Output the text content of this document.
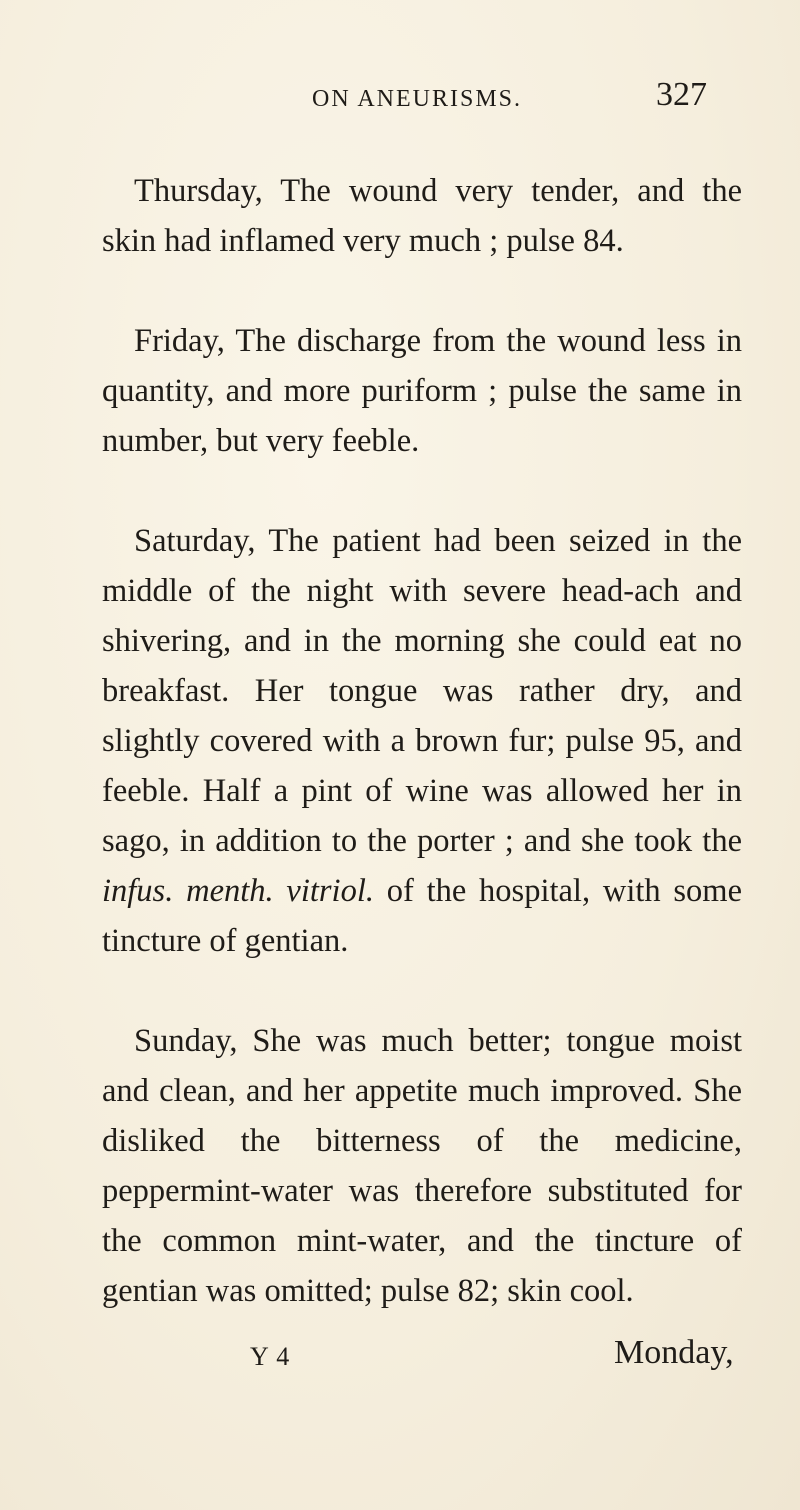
ON ANEURISMS.	327

Thursday, The wound very tender, and the skin had inflamed very much ; pulse 84.

Friday, The discharge from the wound less in quantity, and more puriform ; pulse the same in number, but very feeble.

Saturday, The patient had been seized in the middle of the night with severe head-ach and shivering, and in the morning she could eat no breakfast. Her tongue was rather dry, and slightly covered with a brown fur; pulse 95, and feeble. Half a pint of wine was allowed her in sago, in addition to the porter ; and she took the infus. menth. vitriol. of the hospital, with some tincture of gentian.

Sunday, She was much better; tongue moist and clean, and her appetite much improved. She disliked the bitterness of the medicine, peppermint-water was therefore substituted for the common mint-water, and the tincture of gentian was omitted; pulse 82; skin cool.

Y 4	Monday,
